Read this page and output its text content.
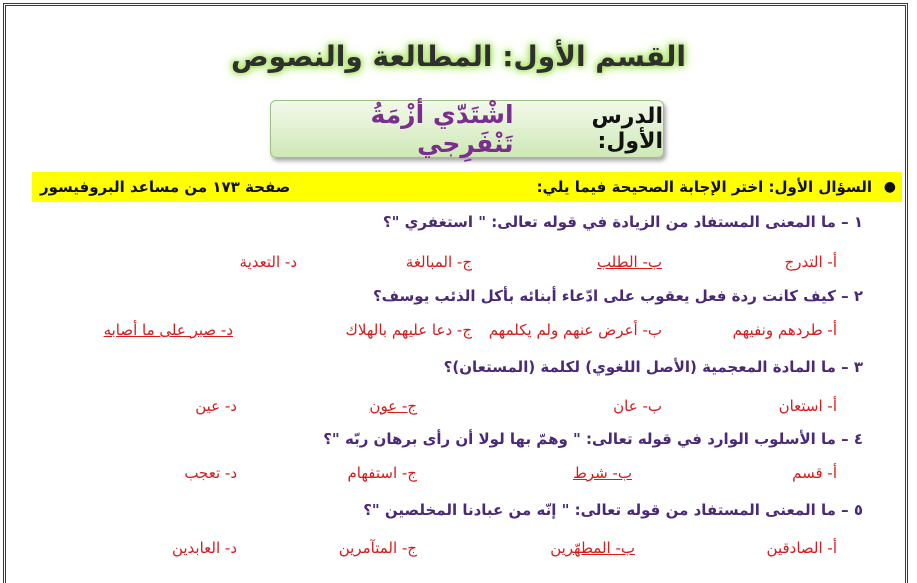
القسم الأول: المطالعة والنصوص
الدرس الأول:
اشْتَدّي أزْمَةُ تَنْفَرِجي
●
السؤال الأول: اختر الإجابة الصحيحة فيما يلي:
صفحة ١٧٣ من مساعد البروفيسور
١ – ما المعنى المستفاد من الزيادة في قوله تعالى: " استغفري "؟
أ- التدرج
ب- الطلب
ج- المبالغة
د- التعدية
٢ – كيف كانت ردة فعل يعقوب على ادّعاء أبنائه بأكل الذئب يوسف؟
أ- طردهم ونفيهم
ب- أعرض عنهم ولم يكلمهم
ج- دعا عليهم بالهلاك
د- صبر على ما أصابه
٣ – ما المادة المعجمية (الأصل اللغوي) لكلمة (المستعان)؟
أ- استعان
ب- عان
ج- عون
د- عين
٤ – ما الأسلوب الوارد في قوله تعالى: " وهمّ بها لولا أن رأى برهان ربّه "؟
أ- قسم
ب- شرط
ج- استفهام
د- تعجب
٥ – ما المعنى المستفاد من قوله تعالى: " إنّه من عبادنا المخلصين "؟
أ- الصادقين
ب- المطهّرين
ج- المتآمرين
د- العابدين
